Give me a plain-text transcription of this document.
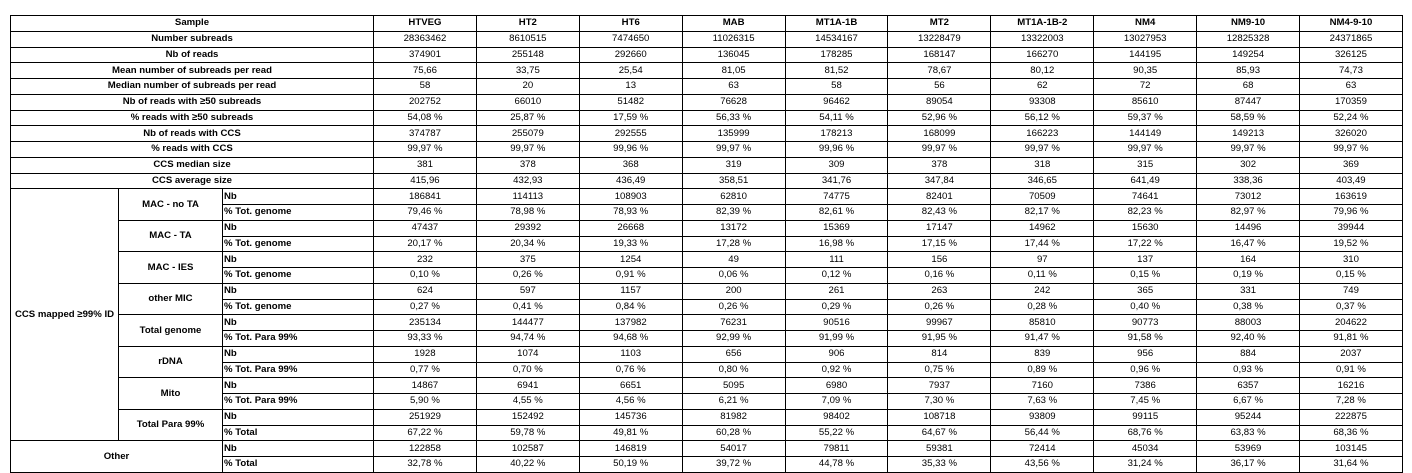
Sample			HTVEG	HT2	HT6	MAB	MT1A-1B	MT2	MT1A-1B-2	NM4	NM9-10	NM4-9-10
Number subreads			28363462	8610515	7474650	11026315	14534167	13228479	13322003	13027953	12825328	24371865
Nb of reads			374901	255148	292660	136045	178285	168147	166270	144195	149254	326125
Mean number of subreads per read			75,66	33,75	25,54	81,05	81,52	78,67	80,12	90,35	85,93	74,73
Median number of subreads per read			58	20	13	63	58	56	62	72	68	63
Nb of reads with ≥50 subreads			202752	66010	51482	76628	96462	89054	93308	85610	87447	170359
% reads with ≥50 subreads			54,08 %	25,87 %	17,59 %	56,33 %	54,11 %	52,96 %	56,12 %	59,37 %	58,59 %	52,24 %
Nb of reads with CCS			374787	255079	292555	135999	178213	168099	166223	144149	149213	326020
% reads with CCS			99,97 %	99,97 %	99,96 %	99,97 %	99,96 %	99,97 %	99,97 %	99,97 %	99,97 %	99,97 %
CCS median size			381	378	368	319	309	378	318	315	302	369
CCS average size			415,96	432,93	436,49	358,51	341,76	347,84	346,65	641,49	338,36	403,49
CCS mapped ≥99% ID	MAC - no TA	Nb	186841	114113	108903	62810	74775	82401	70509	74641	73012	163619
		% Tot. genome	79,46 %	78,98 %	78,93 %	82,39 %	82,61 %	82,43 %	82,17 %	82,23 %	82,97 %	79,96 %
	MAC - TA	Nb	47437	29392	26668	13172	15369	17147	14962	15630	14496	39944
		% Tot. genome	20,17 %	20,34 %	19,33 %	17,28 %	16,98 %	17,15 %	17,44 %	17,22 %	16,47 %	19,52 %
	MAC - IES	Nb	232	375	1254	49	111	156	97	137	164	310
		% Tot. genome	0,10 %	0,26 %	0,91 %	0,06 %	0,12 %	0,16 %	0,11 %	0,15 %	0,19 %	0,15 %
	other MIC	Nb	624	597	1157	200	261	263	242	365	331	749
		% Tot. genome	0,27 %	0,41 %	0,84 %	0,26 %	0,29 %	0,26 %	0,28 %	0,40 %	0,38 %	0,37 %
	Total genome	Nb	235134	144477	137982	76231	90516	99967	85810	90773	88003	204622
		% Tot. Para 99%	93,33 %	94,74 %	94,68 %	92,99 %	91,99 %	91,95 %	91,47 %	91,58 %	92,40 %	91,81 %
	rDNA	Nb	1928	1074	1103	656	906	814	839	956	884	2037
		% Tot. Para 99%	0,77 %	0,70 %	0,76 %	0,80 %	0,92 %	0,75 %	0,89 %	0,96 %	0,93 %	0,91 %
	Mito	Nb	14867	6941	6651	5095	6980	7937	7160	7386	6357	16216
		% Tot. Para 99%	5,90 %	4,55 %	4,56 %	6,21 %	7,09 %	7,30 %	7,63 %	7,45 %	6,67 %	7,28 %
	Total Para 99%	Nb	251929	152492	145736	81982	98402	108718	93809	99115	95244	222875
		% Total	67,22 %	59,78 %	49,81 %	60,28 %	55,22 %	64,67 %	56,44 %	68,76 %	63,83 %	68,36 %
Other		Nb	122858	102587	146819	54017	79811	59381	72414	45034	53969	103145
		% Total	32,78 %	40,22 %	50,19 %	39,72 %	44,78 %	35,33 %	43,56 %	31,24 %	36,17 %	31,64 %
